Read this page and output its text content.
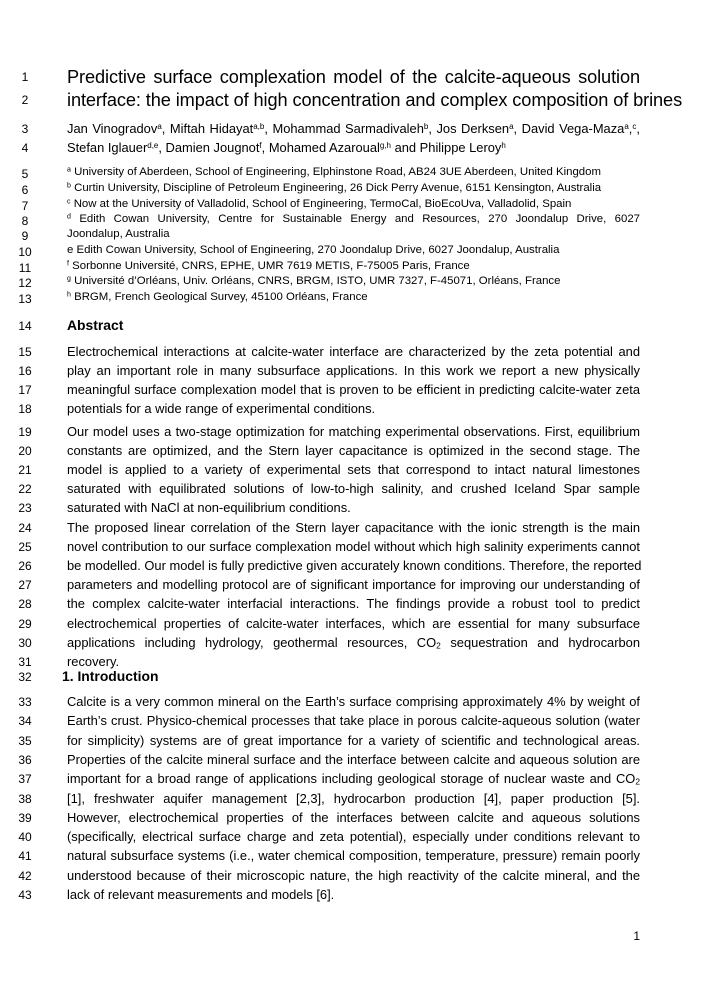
1	Predictive surface complexation model of the calcite-aqueous solution
2	interface: the impact of high concentration and complex composition of brines
3	Jan Vinogradov$^a$, Miftah Hidayat$^{a,b}$, Mohammad Sarmadivaleh$^b$, Jos Derksen$^a$, David Vega-Maza$^a$,$^c$,
4	Stefan Iglauer$^{d,e}$, Damien Jougnot$^f$, Mohamed Azaroual$^{g,h}$ and Philippe Leroy$^h$
5	$^a$ University of Aberdeen, School of Engineering, Elphinstone Road, AB24 3UE Aberdeen, United Kingdom
6	$^b$ Curtin University, Discipline of Petroleum Engineering, 26 Dick Perry Avenue, 6151 Kensington, Australia
7	$^c$ Now at the University of Valladolid, School of Engineering, TermoCal, BioEcoUva, Valladolid, Spain
8	$^d$ Edith Cowan University, Centre for Sustainable Energy and Resources, 270 Joondalup Drive, 6027
9	Joondalup, Australia
10	e Edith Cowan University, School of Engineering, 270 Joondalup Drive, 6027 Joondalup, Australia
11	$^f$ Sorbonne Université, CNRS, EPHE, UMR 7619 METIS, F-75005 Paris, France
12	$^g$ Université d’Orléans, Univ. Orléans, CNRS, BRGM, ISTO, UMR 7327, F-45071, Orléans, France
13	$^h$ BRGM, French Geological Survey, 45100 Orléans, France
14	Abstract
15	Electrochemical interactions at calcite-water interface are characterized by the zeta potential and
16	play an important role in many subsurface applications. In this work we report a new physically
17	meaningful surface complexation model that is proven to be efficient in predicting calcite-water zeta
18	potentials for a wide range of experimental conditions.
19	Our model uses a two-stage optimization for matching experimental observations. First, equilibrium
20	constants are optimized, and the Stern layer capacitance is optimized in the second stage. The
21	model is applied to a variety of experimental sets that correspond to intact natural limestones
22	saturated with equilibrated solutions of low-to-high salinity, and crushed Iceland Spar sample
23	saturated with NaCl at non-equilibrium conditions.
24	The proposed linear correlation of the Stern layer capacitance with the ionic strength is the main
25	novel contribution to our surface complexation model without which high salinity experiments cannot
26	be modelled. Our model is fully predictive given accurately known conditions. Therefore, the reported
27	parameters and modelling protocol are of significant importance for improving our understanding of
28	the complex calcite-water interfacial interactions. The findings provide a robust tool to predict
29	electrochemical properties of calcite-water interfaces, which are essential for many subsurface
30	applications including hydrology, geothermal resources, $CO_2$ sequestration and hydrocarbon
31	recovery.
32	1. Introduction
33	Calcite is a very common mineral on the Earth’s surface comprising approximately 4% by weight of
34	Earth’s crust. Physico-chemical processes that take place in porous calcite-aqueous solution (water
35	for simplicity) systems are of great importance for a variety of scientific and technological areas.
36	Properties of the calcite mineral surface and the interface between calcite and aqueous solution are
37	important for a broad range of applications including geological storage of nuclear waste and $CO_2$
38	[1], freshwater aquifer management [2,3], hydrocarbon production [4], paper production [5].
39	However, electrochemical properties of the interfaces between calcite and aqueous solutions
40	(specifically, electrical surface charge and zeta potential), especially under conditions relevant to
41	natural subsurface systems (i.e., water chemical composition, temperature, pressure) remain poorly
42	understood because of their microscopic nature, the high reactivity of the calcite mineral, and the
43	lack of relevant measurements and models [6].
1
